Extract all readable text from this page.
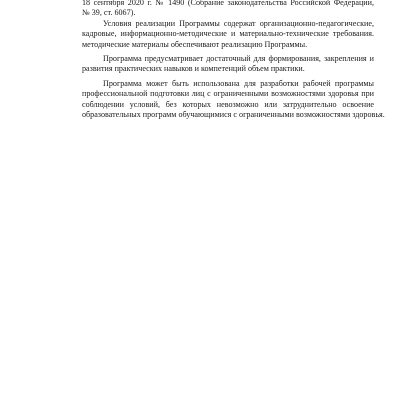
18 сентября 2020 г. № 1490 (Собрание законодательства Российской Федерации,
№ 39, ст. 6067).
Условия реализации Программы содержат организационно-педагогические,
кадровые, информационно-методические и материально-технические требования.
методические материалы обеспечивают реализацию Программы.
Программа предусматривает достаточный для формирования, закрепления и
развития практических навыков и компетенций объем практики.
Программа может быть использована для разработки рабочей программы
профессиональной подготовки лиц с ограниченными возможностями здоровья при
соблюдении условий, без которых невозможно или затруднительно освоение
образовательных программ обучающимися с ограниченными возможностями здоровья.
